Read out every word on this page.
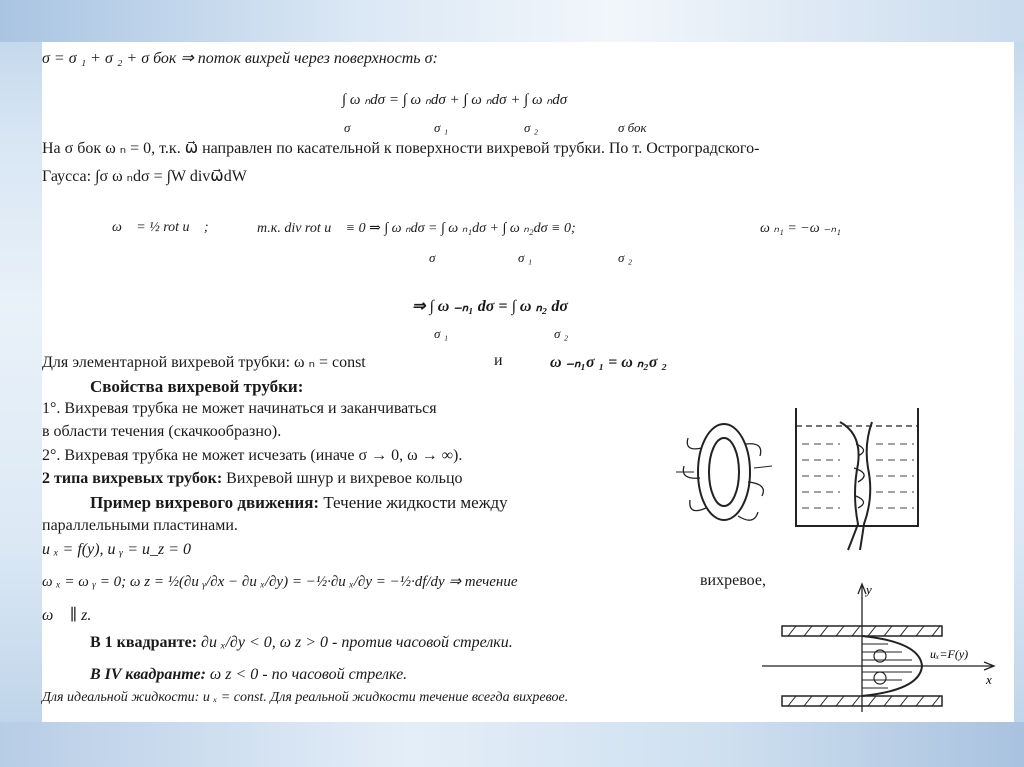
σ = σ ₁ + σ ₂ + σ бок ⇒ поток вихрей через поверхность σ:
∫ ω ₙdσ = ∫ ω ₙdσ + ∫ ω ₙdσ + ∫ ω ₙdσ
σ	σ ₁	σ ₂	σ бок
На σ бок ω ₙ = 0, т.к. ω⃗ направлен по касательной к поверхности вихревой трубки. По т. Остроградского-
Гаусса: ∫σ ω ₙdσ = ∫W divω⃗dW
ω⃗ = ½ rot u⃗ ;	т.к. div rot u⃗ ≡ 0 ⇒ ∫ ω ₙdσ = ∫ ω ₙ₁dσ + ∫ ω ₙ₂dσ ≡ 0;	ω ₙ₁ = −ω ₋ₙ₁
σ	σ ₁	σ ₂
⇒ ∫ ω ₋ₙ₁ dσ = ∫ ω ₙ₂ dσ
σ ₁	σ ₂
Для элементарной вихревой трубки: ω ₙ = const	и	ω ₋ₙ₁σ ₁ = ω ₙ₂σ ₂
Свойства вихревой трубки:
1°. Вихревая трубка не может начинаться и заканчиваться
в области течения (скачкообразно).
2°. Вихревая трубка не может исчезать (иначе σ → 0, ω → ∞).
2 типа вихревых трубок: Вихревой шнур и вихревое кольцо
Пример вихревого движения: Течение жидкости между
параллельными пластинами.
u ₓ = f(y), u ᵧ = u_z = 0
ω ₓ = ω ᵧ = 0; ω z = ½(∂u ᵧ/∂x − ∂u ₓ/∂y) = −½·∂u ₓ/∂y = −½·df/dy ⇒ течение	вихревое,
ω⃗ ∥ z.
В 1 квадранте: ∂u ₓ/∂y < 0, ω z > 0 - против часовой стрелки.
В IV квадранте: ω z < 0 - по часовой стрелке.
Для идеальной жидкости: u ₓ = const. Для реальной жидкости течение всегда вихревое.
y
x
uₓ=F(y)
